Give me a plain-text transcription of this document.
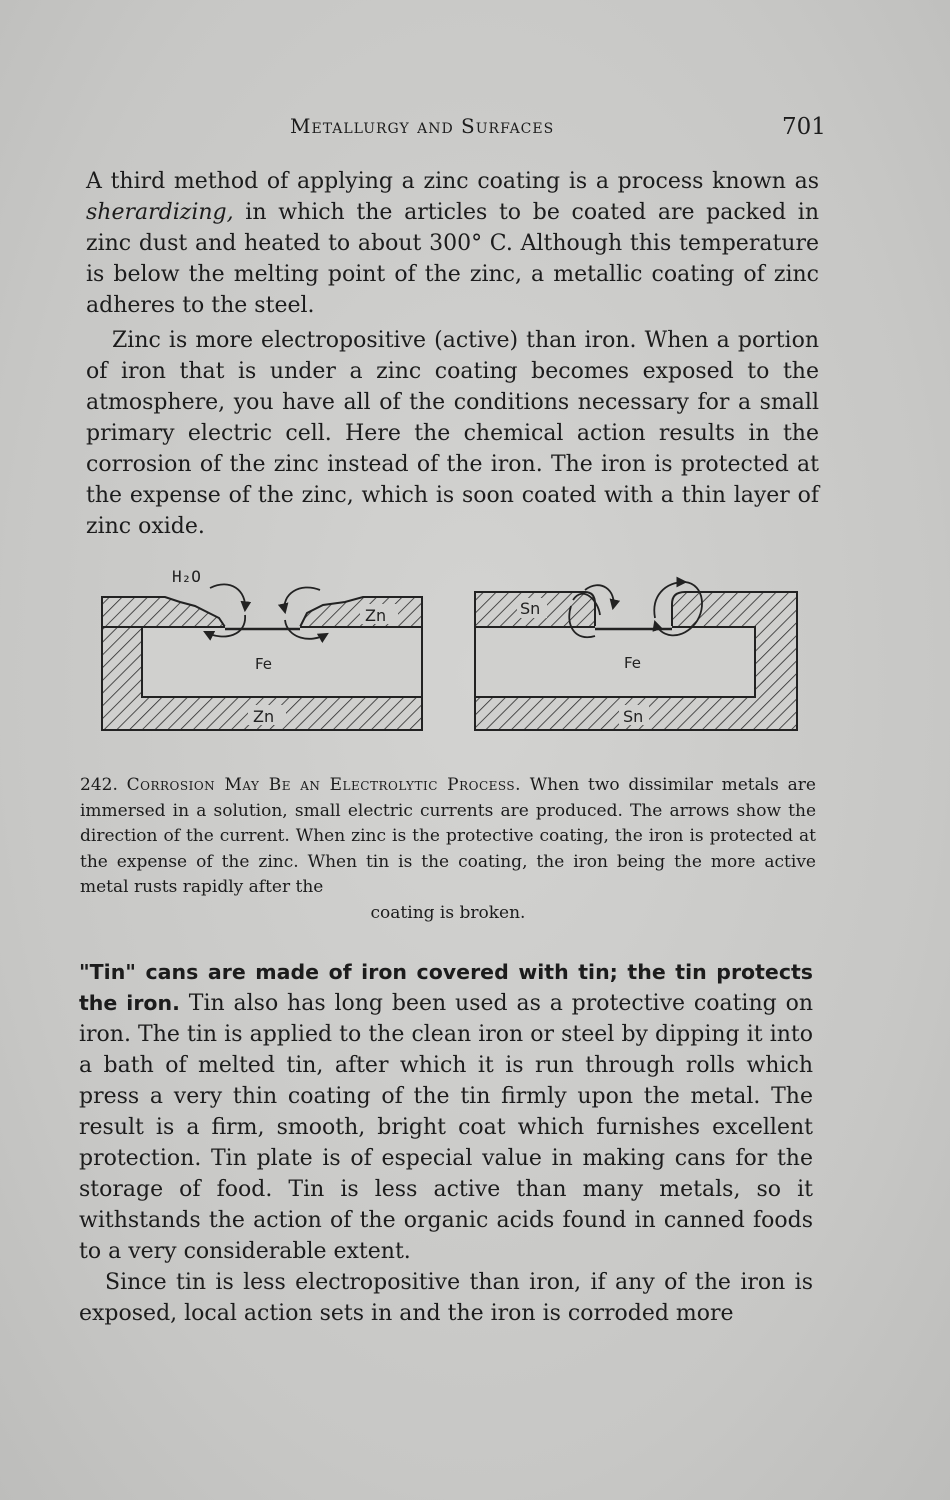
Metallurgy and Surfaces	701

A third method of applying a zinc coating is a process known as sherardizing, in which the articles to be coated are packed in zinc dust and heated to about 300° C. Although this temperature is below the melting point of the zinc, a metallic coating of zinc adheres to the steel.

Zinc is more electropositive (active) than iron. When a portion of iron that is under a zinc coating becomes exposed to the atmosphere, you have all of the conditions necessary for a small primary electric cell. Here the chemical action results in the corrosion of the zinc instead of the iron. The iron is protected at the expense of the zinc, which is soon coated with a thin layer of zinc oxide.

Zn
H₂O
Fe
Zn
Sn
Fe
Sn

242. Corrosion May Be an Electrolytic Process. When two dissimilar metals are immersed in a solution, small electric currents are produced. The arrows show the direction of the current. When zinc is the protective coating, the iron is protected at the expense of the zinc. When tin is the coating, the iron being the more active metal rusts rapidly after the
coating is broken.

"Tin" cans are made of iron covered with tin; the tin protects the iron. Tin also has long been used as a protective coating on iron. The tin is applied to the clean iron or steel by dipping it into a bath of melted tin, after which it is run through rolls which press a very thin coating of the tin firmly upon the metal. The result is a firm, smooth, bright coat which furnishes excellent protection. Tin plate is of especial value in making cans for the storage of food. Tin is less active than many metals, so it withstands the action of the organic acids found in canned foods to a very considerable extent.

Since tin is less electropositive than iron, if any of the iron is exposed, local action sets in and the iron is corroded more
